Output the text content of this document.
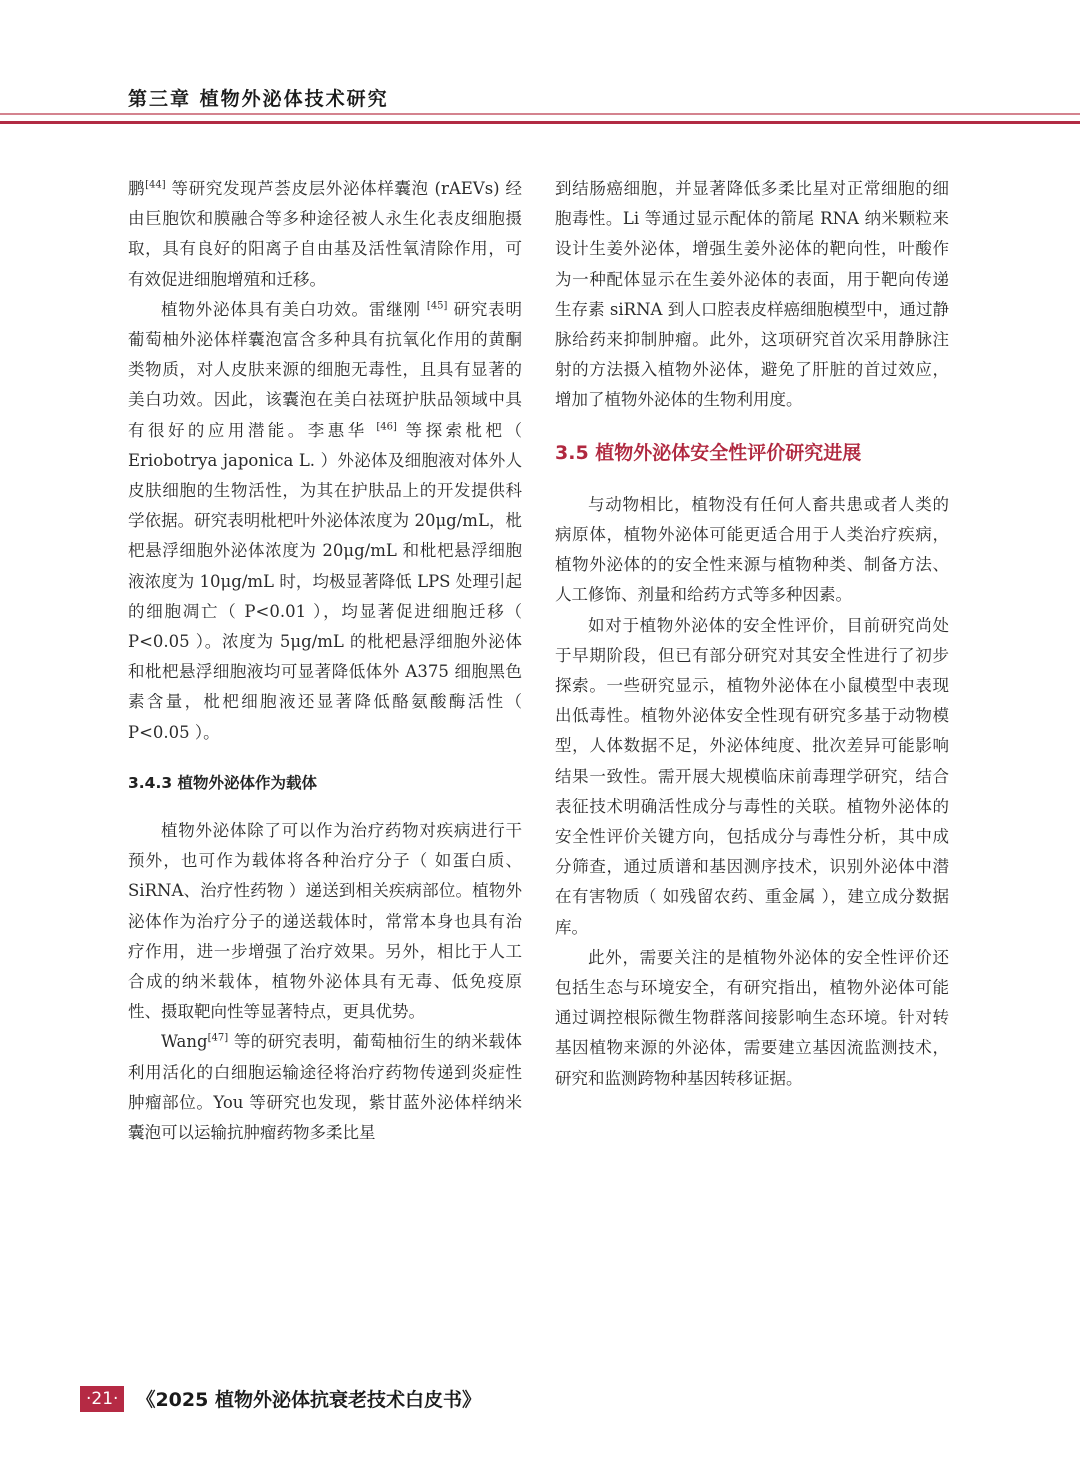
第三章 植物外泌体技术研究

鹏[44] 等研究发现芦荟皮层外泌体样囊泡 (rAEVs) 经由巨胞饮和膜融合等多种途径被人永生化表皮细胞摄取，具有良好的阳离子自由基及活性氧清除作用，可有效促进细胞增殖和迁移。

植物外泌体具有美白功效。雷继刚 [45] 研究表明葡萄柚外泌体样囊泡富含多种具有抗氧化作用的黄酮类物质，对人皮肤来源的细胞无毒性，且具有显著的美白功效。因此，该囊泡在美白祛斑护肤品领域中具有很好的应用潜能。李惠华 [46] 等探索枇杷（ Eriobotrya japonica L. ）外泌体及细胞液对体外人皮肤细胞的生物活性，为其在护肤品上的开发提供科学依据。研究表明枇杷叶外泌体浓度为 20μg/mL，枇杷悬浮细胞外泌体浓度为 20μg/mL 和枇杷悬浮细胞液浓度为 10μg/mL 时，均极显著降低 LPS 处理引起的细胞凋亡（ P<0.01 ），均显著促进细胞迁移（ P<0.05 ）。浓度为 5μg/mL 的枇杷悬浮细胞外泌体和枇杷悬浮细胞液均可显著降低体外 A375 细胞黑色素含量，枇杷细胞液还显著降低酪氨酸酶活性（ P<0.05 ）。

3.4.3 植物外泌体作为载体

植物外泌体除了可以作为治疗药物对疾病进行干预外，也可作为载体将各种治疗分子（ 如蛋白质、SiRNA、治疗性药物 ）递送到相关疾病部位。植物外泌体作为治疗分子的递送载体时，常常本身也具有治疗作用，进一步增强了治疗效果。另外，相比于人工合成的纳米载体，植物外泌体具有无毒、低免疫原性、摄取靶向性等显著特点，更具优势。

Wang[47] 等的研究表明，葡萄柚衍生的纳米载体利用活化的白细胞运输途径将治疗药物传递到炎症性肿瘤部位。You 等研究也发现，紫甘蓝外泌体样纳米囊泡可以运输抗肿瘤药物多柔比星

到结肠癌细胞，并显著降低多柔比星对正常细胞的细胞毒性。Li 等通过显示配体的箭尾 RNA 纳米颗粒来设计生姜外泌体，增强生姜外泌体的靶向性，叶酸作为一种配体显示在生姜外泌体的表面，用于靶向传递生存素 siRNA 到人口腔表皮样癌细胞模型中，通过静脉给药来抑制肿瘤。此外，这项研究首次采用静脉注射的方法摄入植物外泌体，避免了肝脏的首过效应，增加了植物外泌体的生物利用度。

3.5 植物外泌体安全性评价研究进展

与动物相比，植物没有任何人畜共患或者人类的病原体，植物外泌体可能更适合用于人类治疗疾病，植物外泌体的的安全性来源与植物种类、制备方法、人工修饰、剂量和给药方式等多种因素。

如对于植物外泌体的安全性评价，目前研究尚处于早期阶段，但已有部分研究对其安全性进行了初步探索。一些研究显示，植物外泌体在小鼠模型中表现出低毒性。植物外泌体安全性现有研究多基于动物模型，人体数据不足，外泌体纯度、批次差异可能影响结果一致性。需开展大规模临床前毒理学研究，结合表征技术明确活性成分与毒性的关联。植物外泌体的安全性评价关键方向，包括成分与毒性分析，其中成分筛查，通过质谱和基因测序技术，识别外泌体中潜在有害物质（ 如残留农药、重金属 ），建立成分数据库。

此外，需要关注的是植物外泌体的安全性评价还包括生态与环境安全，有研究指出，植物外泌体可能通过调控根际微生物群落间接影响生态环境。针对转基因植物来源的外泌体，需要建立基因流监测技术，研究和监测跨物种基因转移证据。

·21· 《2025 植物外泌体抗衰老技术白皮书》
